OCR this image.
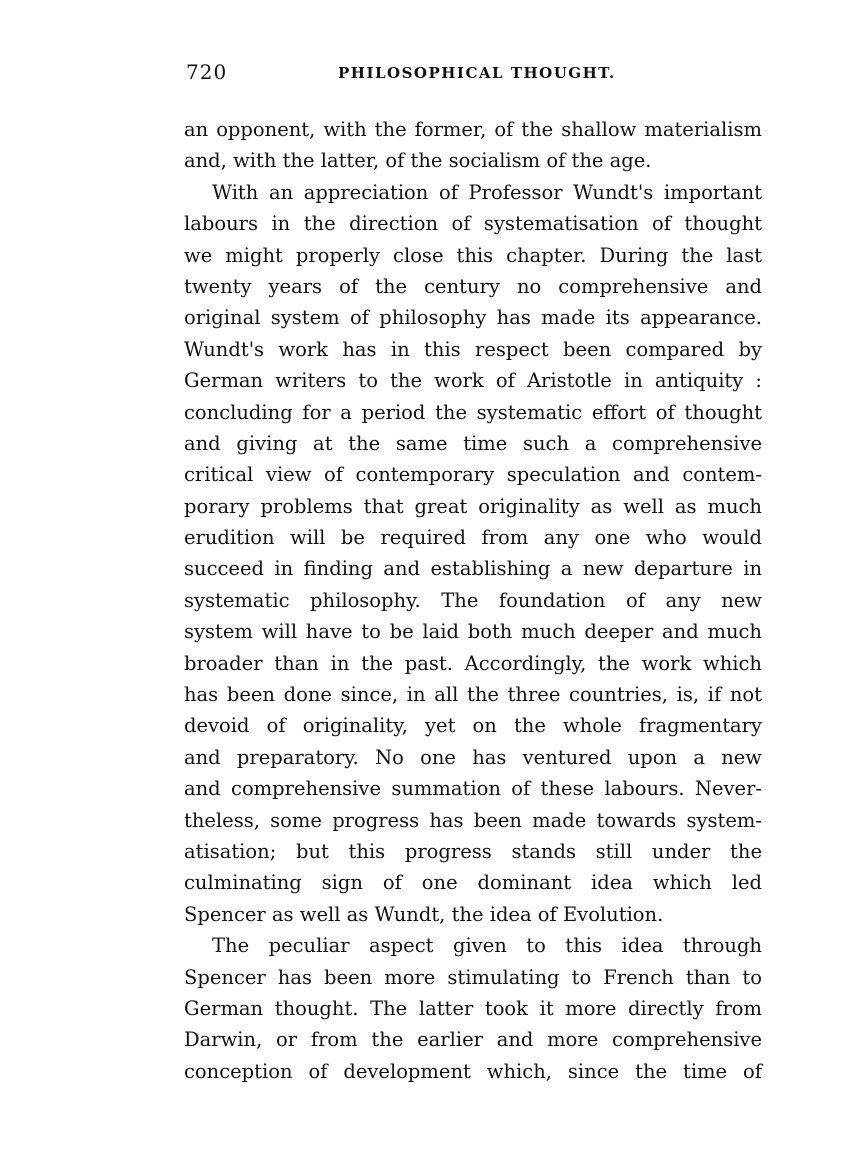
720	PHILOSOPHICAL THOUGHT.
an opponent, with the former, of the shallow materialism
and, with the latter, of the socialism of the age.
With an appreciation of Professor Wundt's important
labours in the direction of systematisation of thought
we might properly close this chapter. During the last
twenty years of the century no comprehensive and
original system of philosophy has made its appearance.
Wundt's work has in this respect been compared by
German writers to the work of Aristotle in antiquity :
concluding for a period the systematic effort of thought
and giving at the same time such a comprehensive
critical view of contemporary speculation and contem-
porary problems that great originality as well as much
erudition will be required from any one who would
succeed in finding and establishing a new departure in
systematic philosophy. The foundation of any new
system will have to be laid both much deeper and much
broader than in the past. Accordingly, the work which
has been done since, in all the three countries, is, if not
devoid of originality, yet on the whole fragmentary
and preparatory. No one has ventured upon a new
and comprehensive summation of these labours. Never-
theless, some progress has been made towards system-
atisation; but this progress stands still under the
culminating sign of one dominant idea which led
Spencer as well as Wundt, the idea of Evolution.
The peculiar aspect given to this idea through
Spencer has been more stimulating to French than to
German thought. The latter took it more directly from
Darwin, or from the earlier and more comprehensive
conception of development which, since the time of
